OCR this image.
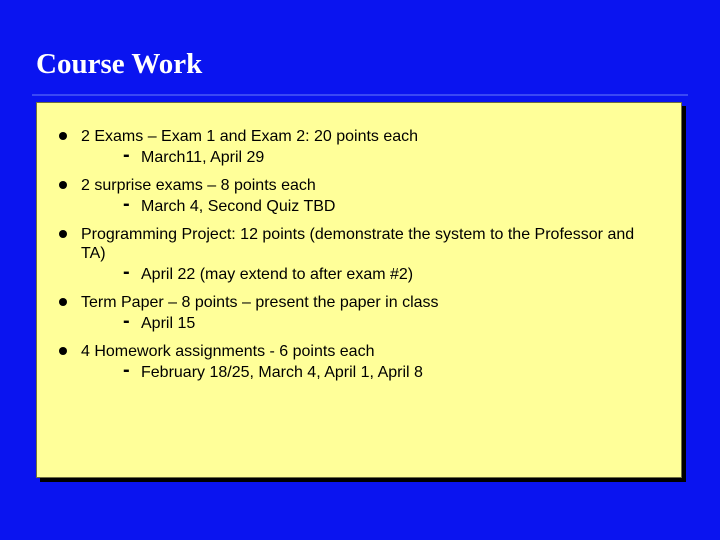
Course Work
2 Exams – Exam 1 and Exam 2: 20 points each
- March11, April 29
2 surprise exams – 8 points each
- March 4, Second Quiz TBD
Programming Project: 12 points (demonstrate the system to the Professor and TA)
- April 22 (may extend to after exam #2)
Term Paper – 8 points – present the paper in class
- April 15
4 Homework assignments - 6 points each
- February 18/25, March 4, April 1, April 8
